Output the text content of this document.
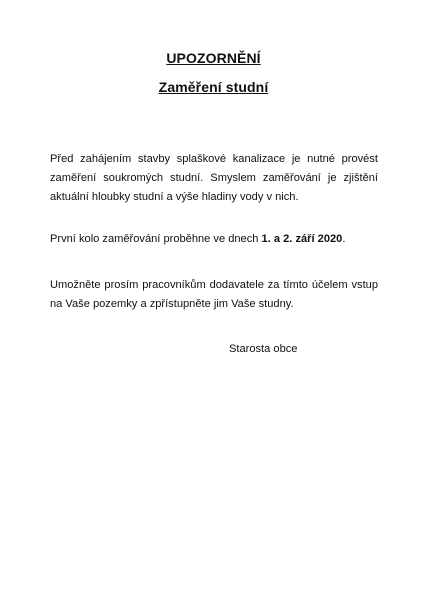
UPOZORNĚNÍ
Zaměření studní
Před zahájením stavby splaškové kanalizace je nutné provést zaměření soukromých studní. Smyslem zaměřování je zjištění aktuální hloubky studní a výše hladiny vody v nich.
První kolo zaměřování proběhne ve dnech 1. a 2. září 2020.
Umožněte prosím pracovníkům dodavatele za tímto účelem vstup na Vaše pozemky a zpřístupněte jim Vaše studny.
Starosta obce
